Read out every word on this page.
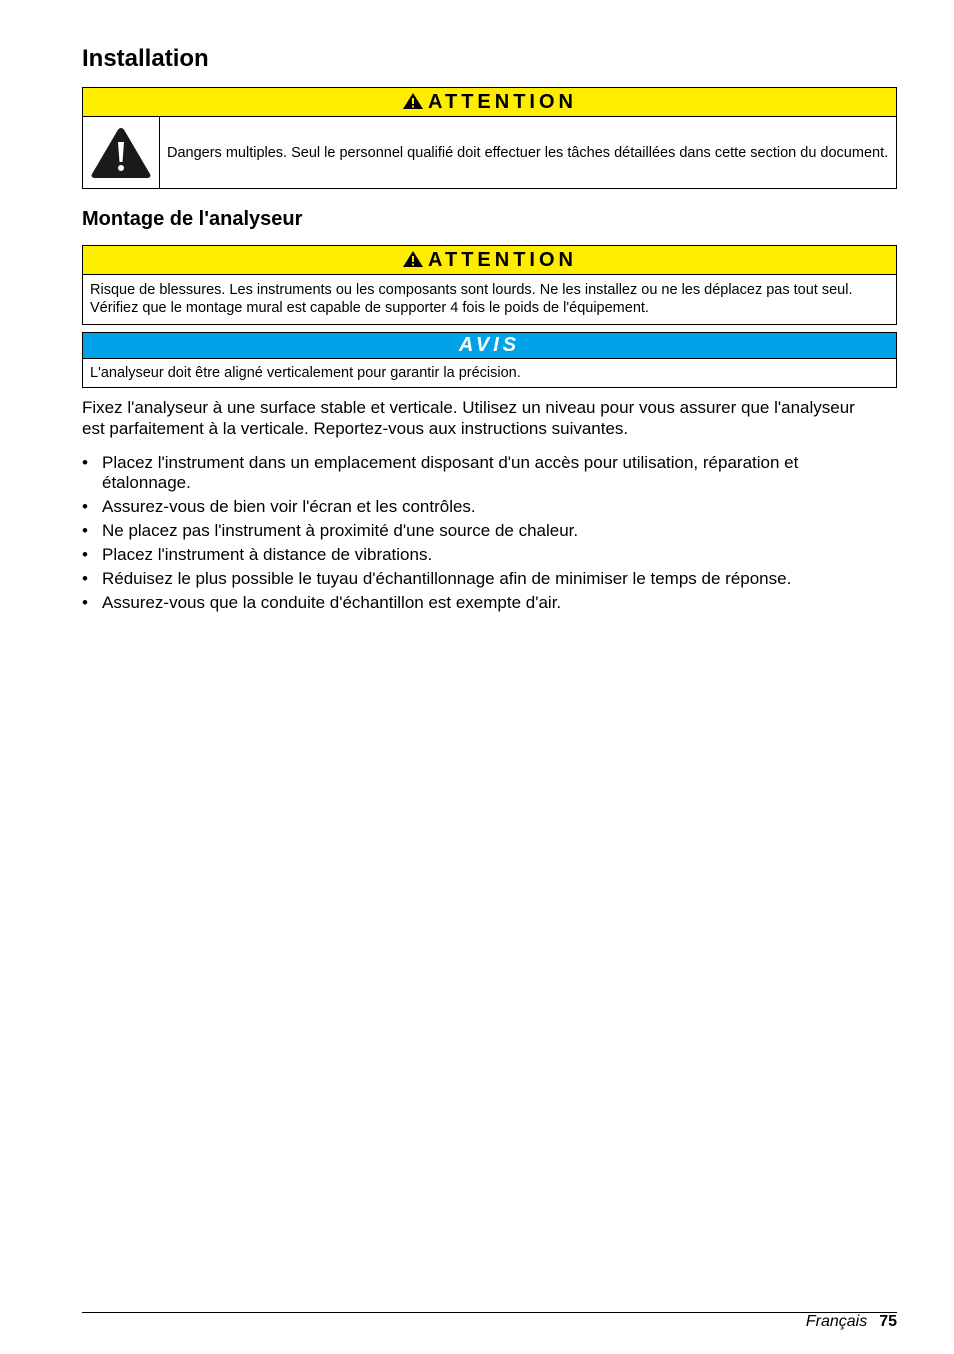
Installation
ATTENTION
Dangers multiples. Seul le personnel qualifié doit effectuer les tâches détaillées dans cette section du document.
Montage de l'analyseur
ATTENTION
Risque de blessures. Les instruments ou les composants sont lourds. Ne les installez ou ne les déplacez pas tout seul. Vérifiez que le montage mural est capable de supporter 4 fois le poids de l'équipement.
AVIS
L'analyseur doit être aligné verticalement pour garantir la précision.

Fixez l'analyseur à une surface stable et verticale. Utilisez un niveau pour vous assurer que l'analyseur est parfaitement à la verticale. Reportez-vous aux instructions suivantes.

• Placez l'instrument dans un emplacement disposant d'un accès pour utilisation, réparation et étalonnage.
• Assurez-vous de bien voir l'écran et les contrôles.
• Ne placez pas l'instrument à proximité d'une source de chaleur.
• Placez l'instrument à distance de vibrations.
• Réduisez le plus possible le tuyau d'échantillonnage afin de minimiser le temps de réponse.
• Assurez-vous que la conduite d'échantillon est exempte d'air.
Français 75
